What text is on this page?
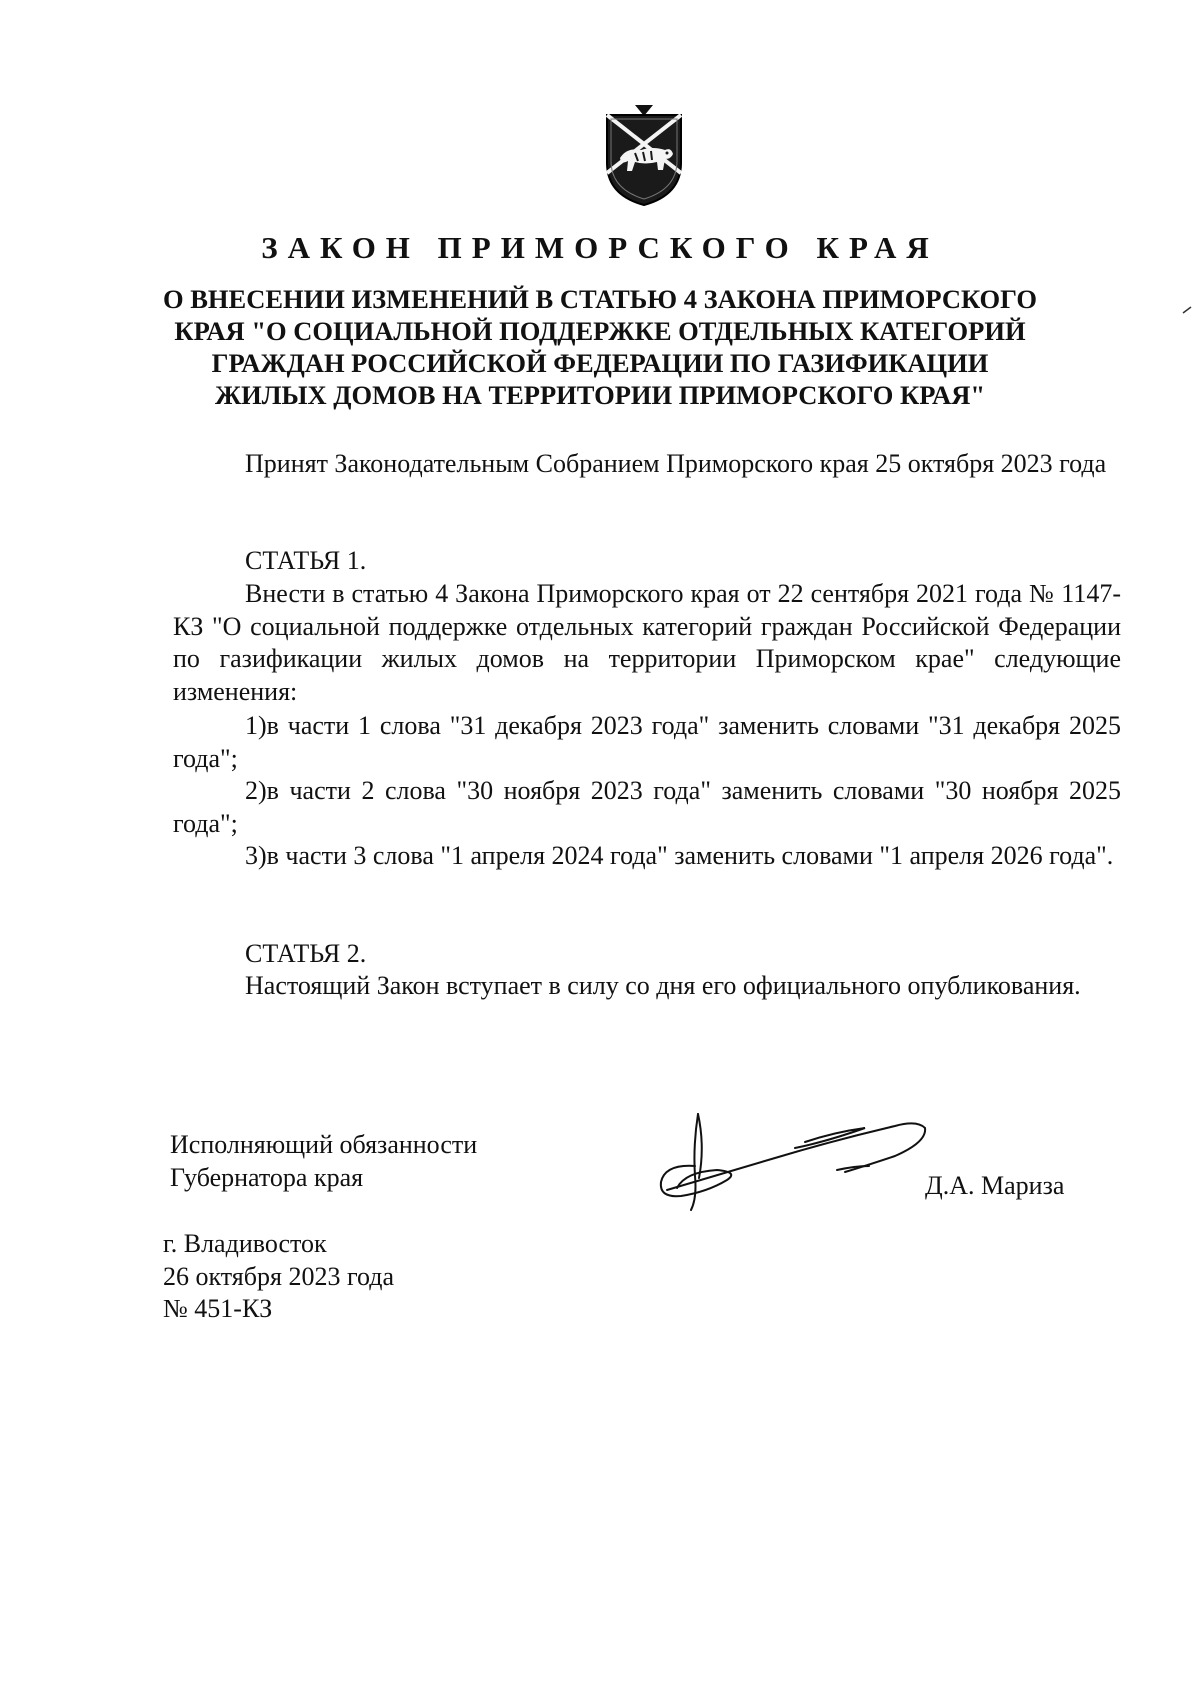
ЗАКОН ПРИМОРСКОГО КРАЯ
О ВНЕСЕНИИ ИЗМЕНЕНИЙ В СТАТЬЮ 4 ЗАКОНА ПРИМОРСКОГО
КРАЯ "О СОЦИАЛЬНОЙ ПОДДЕРЖКЕ ОТДЕЛЬНЫХ КАТЕГОРИЙ
ГРАЖДАН РОССИЙСКОЙ ФЕДЕРАЦИИ ПО ГАЗИФИКАЦИИ
ЖИЛЫХ ДОМОВ НА ТЕРРИТОРИИ ПРИМОРСКОГО КРАЯ"
Принят Законодательным Собранием Приморского края 25 октября 2023 года
СТАТЬЯ 1.
Внести в статью 4 Закона Приморского края от 22 сентября 2021 года № 1147-КЗ "О социальной поддержке отдельных категорий граждан Российской Федерации по газификации жилых домов на территории Приморском крае" следующие изменения:
1)в части 1 слова "31 декабря 2023 года" заменить словами "31 декабря 2025 года";
2)в части 2 слова "30 ноября 2023 года" заменить словами "30 ноября 2025 года";
3)в части 3 слова "1 апреля 2024 года" заменить словами "1 апреля 2026 года".
СТАТЬЯ 2.
Настоящий Закон вступает в силу со дня его официального опубликования.
Исполняющий обязанности
Губернатора края	Д.А. Мариза
г. Владивосток
26 октября 2023 года
№ 451-КЗ
